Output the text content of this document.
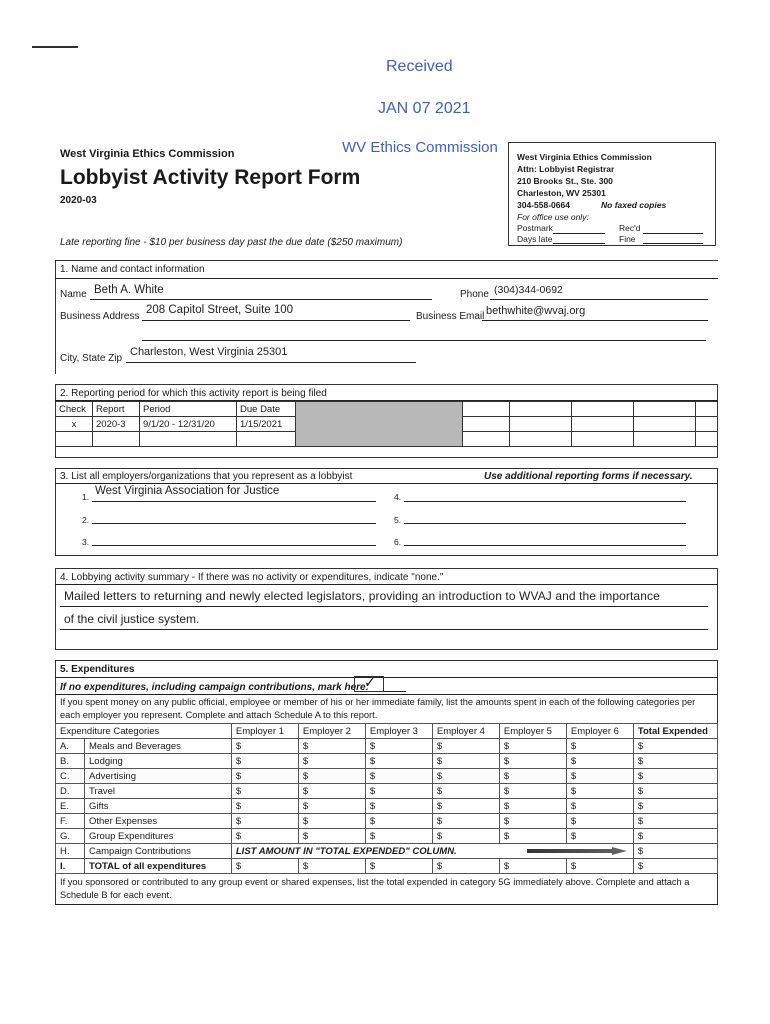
Received
JAN 07 2021
WV Ethics Commission
West Virginia Ethics Commission
Lobbyist Activity Report Form
2020-03
Late reporting fine - $10 per business day past the due date ($250 maximum)
West Virginia Ethics Commission
Attn: Lobbyist Registrar
210 Brooks St., Ste. 300
Charleston, WV 25301
304-558-0664	No faxed copies
For office use only:
Postmark	Rec'd
Days late	Fine
1. Name and contact information
Name Beth A. White	Phone (304)344-0692
Business Address
208 Capitol Street, Suite 100
Business Email bethwhite@wvaj.org
City, State Zip
Charleston, West Virginia 25301
2. Reporting period for which this activity report is being filed
Check	Report	Period	Due Date						
x	2020-3	9/1/20 - 12/31/20	1/15/2021						

3. List all employers/organizations that you represent as a lobbyist	Use additional reporting forms if necessary.
1. West Virginia Association for Justice
2.
3.
4.
5.
6.
4. Lobbying activity summary - If there was no activity or expenditures, indicate "none."
Mailed letters to returning and newly elected legislators, providing an introduction to WVAJ and the importance
of the civil justice system.
5. Expenditures
If no expenditures, including campaign contributions, mark here:
✓
If you spent money on any public official, employee or member of his or her immediate family, list the amounts spent in each of the following categories per each employer you represent. Complete and attach Schedule A to this report.
Expenditure Categories		Employer 1	Employer 2	Employer 3	Employer 4	Employer 5	Employer 6	Total Expended
A.	Meals and Beverages	$	$	$	$	$	$	$
B.	Lodging	$	$	$	$	$	$	$
C.	Advertising	$	$	$	$	$	$	$
D.	Travel	$	$	$	$	$	$	$
E.	Gifts	$	$	$	$	$	$	$
F.	Other Expenses	$	$	$	$	$	$	$
G.	Group Expenditures	$	$	$	$	$	$	$
H.	Campaign Contributions	LIST AMOUNT IN "TOTAL EXPENDED" COLUMN.						$
I.	TOTAL of all expenditures	$	$	$	$	$	$	$
If you sponsored or contributed to any group event or shared expenses, list the total expended in category 5G immediately above. Complete and attach a Schedule B for each event.
